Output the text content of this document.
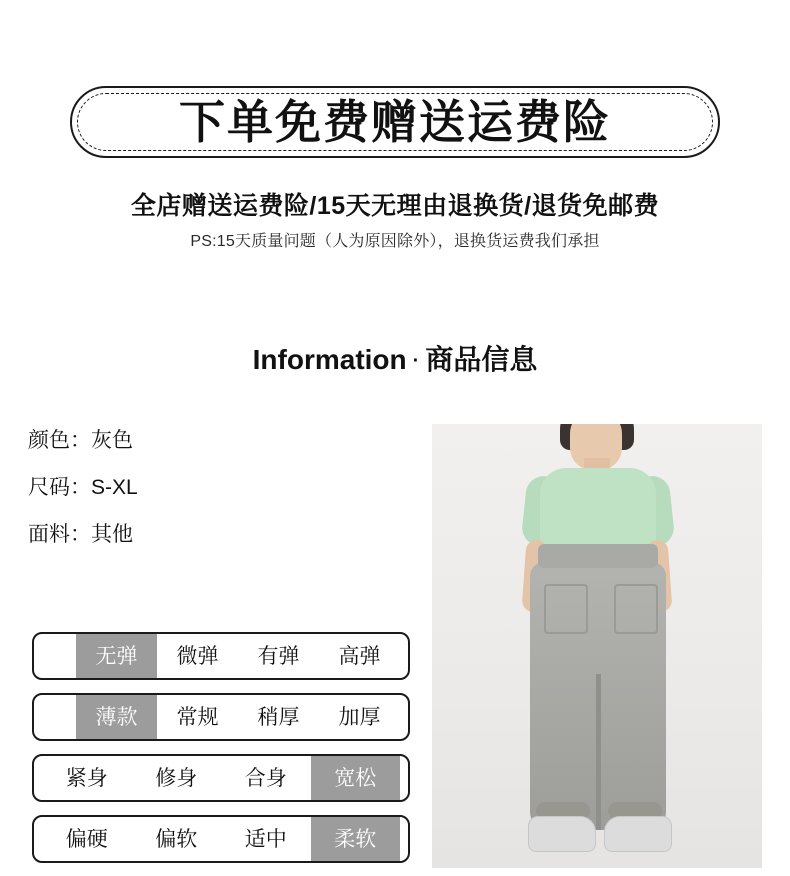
下单免费赠送运费险
全店赠送运费险/15天无理由退换货/退货免邮费
PS:15天质量问题（人为原因除外），退换货运费我们承担
Information · 商品信息
颜色：灰色
尺码：S-XL
面料：其他
无弹	微弹	有弹	高弹
薄款	常规	稍厚	加厚
紧身	修身	合身	宽松
偏硬	偏软	适中	柔软
